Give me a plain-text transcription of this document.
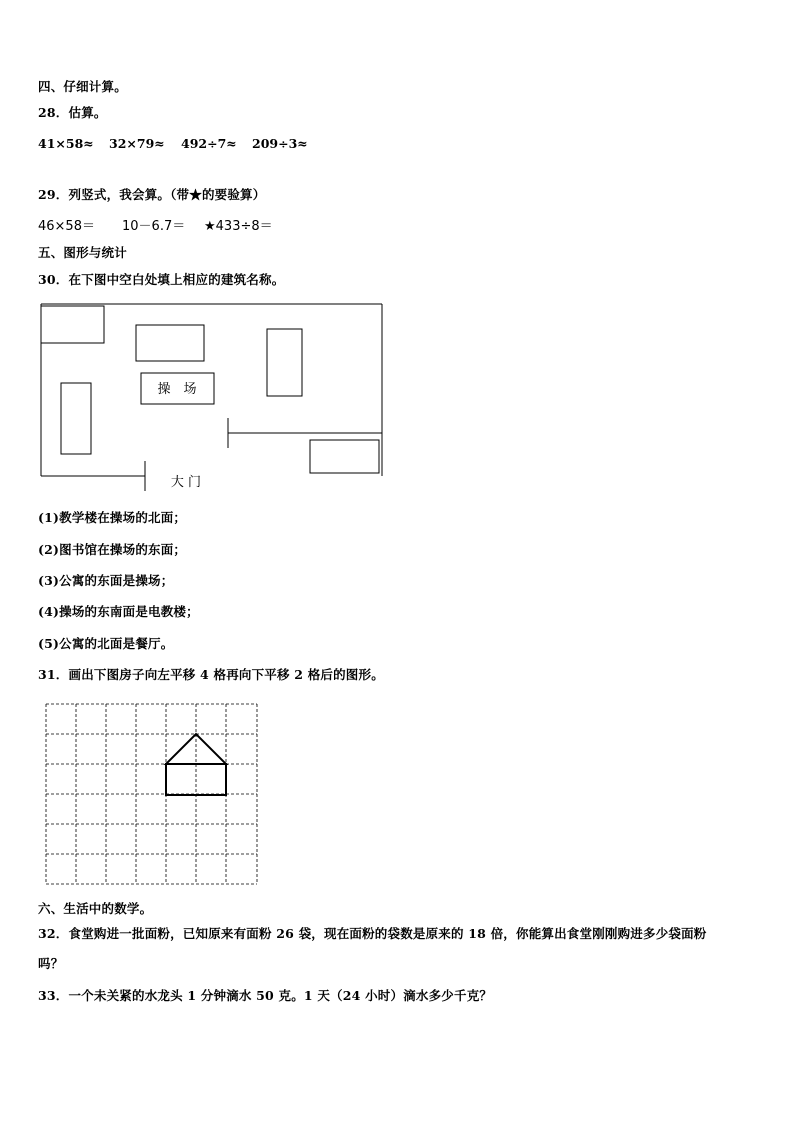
四、仔细计算。
28．估算。
41×58≈ 32×79≈ 492÷7≈ 209÷3≈
29．列竖式，我会算。（带★的要验算）
46×58＝ 10－6.7＝ ★433÷8＝
五、图形与统计
30．在下图中空白处填上相应的建筑名称。
操　场
大 门
(1)教学楼在操场的北面；
(2)图书馆在操场的东面；
(3)公寓的东面是操场；
(4)操场的东南面是电教楼；
(5)公寓的北面是餐厅。
31．画出下图房子向左平移 4 格再向下平移 2 格后的图形。
六、生活中的数学。
32．食堂购进一批面粉，已知原来有面粉 26 袋，现在面粉的袋数是原来的 18 倍，你能算出食堂刚刚购进多少袋面粉
吗？
33．一个未关紧的水龙头 1 分钟滴水 50 克。1 天（24 小时）滴水多少千克？
